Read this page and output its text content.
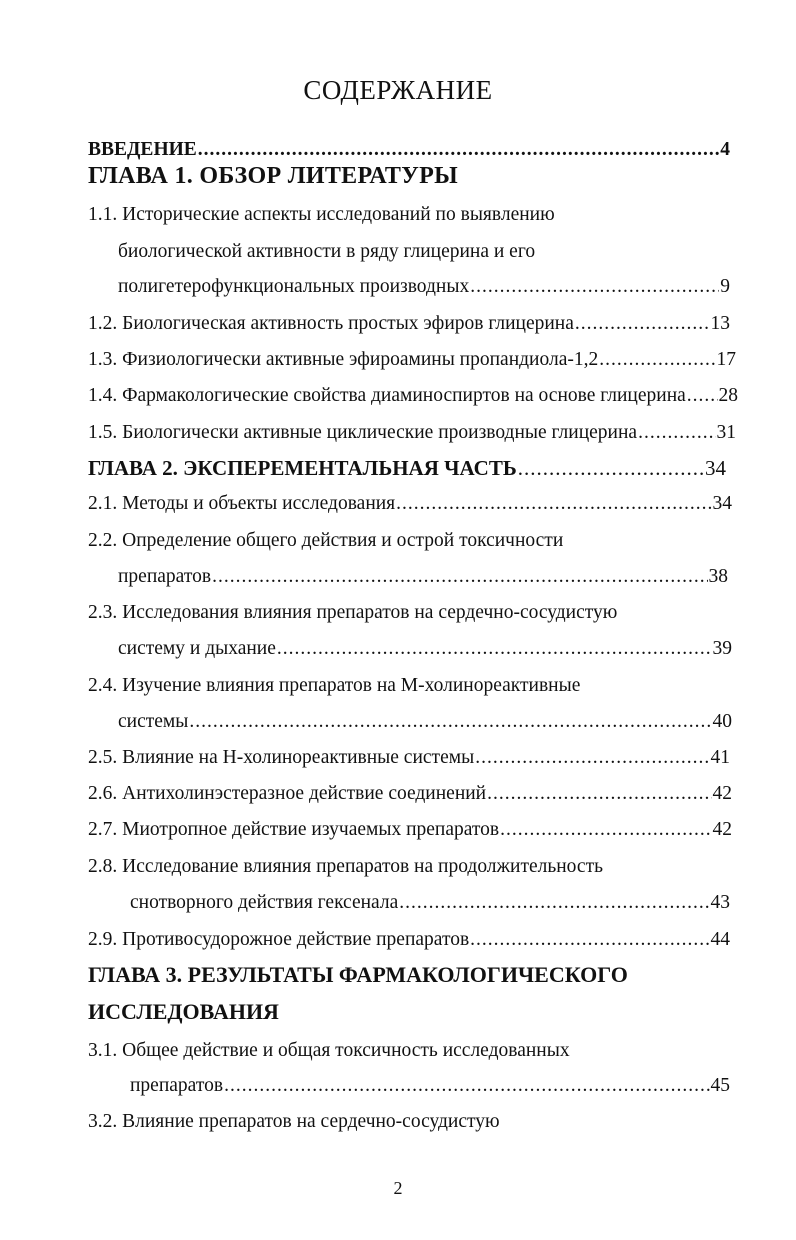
СОДЕРЖАНИЕ
ВВЕДЕНИЕ .....	4
ГЛАВА 1. ОБЗОР ЛИТЕРАТУРЫ
1.1. Исторические аспекты исследований по выявлению
биологической активности в ряду глицерина и его
полигетерофункциональных производных .....	9
1.2. Биологическая активность простых эфиров глицерина .....	13
1.3. Физиологически активные эфироамины пропандиола-1,2 .....	17
1.4. Фармакологические свойства диаминоспиртов на основе глицерина ..... 28
1.5. Биологически активные циклические производные глицерина .....	31
ГЛАВА 2. ЭКСПЕРЕМЕНТАЛЬНАЯ ЧАСТЬ .....	34
2.1. Методы и объекты исследования .....	34
2.2. Определение общего действия и острой токсичности
препаратов .....	38
2.3. Исследования влияния препаратов на сердечно-сосудистую
систему и дыхание .....	39
2.4. Изучение влияния препаратов на М-холинореактивные
системы .....	40
2.5. Влияние на Н-холинореактивные системы .....	41
2.6. Антихолинэстеразное действие соединений .....	42
2.7. Миотропное действие изучаемых препаратов .....	42
2.8. Исследование влияния препаратов на продолжительность
снотворного действия гексенала .....	43
2.9. Противосудорожное действие препаратов .....	44
ГЛАВА 3. РЕЗУЛЬТАТЫ ФАРМАКОЛОГИЧЕСКОГО
ИССЛЕДОВАНИЯ
3.1. Общее действие и общая токсичность исследованных
препаратов .....	45
3.2. Влияние препаратов на сердечно-сосудистую
2
